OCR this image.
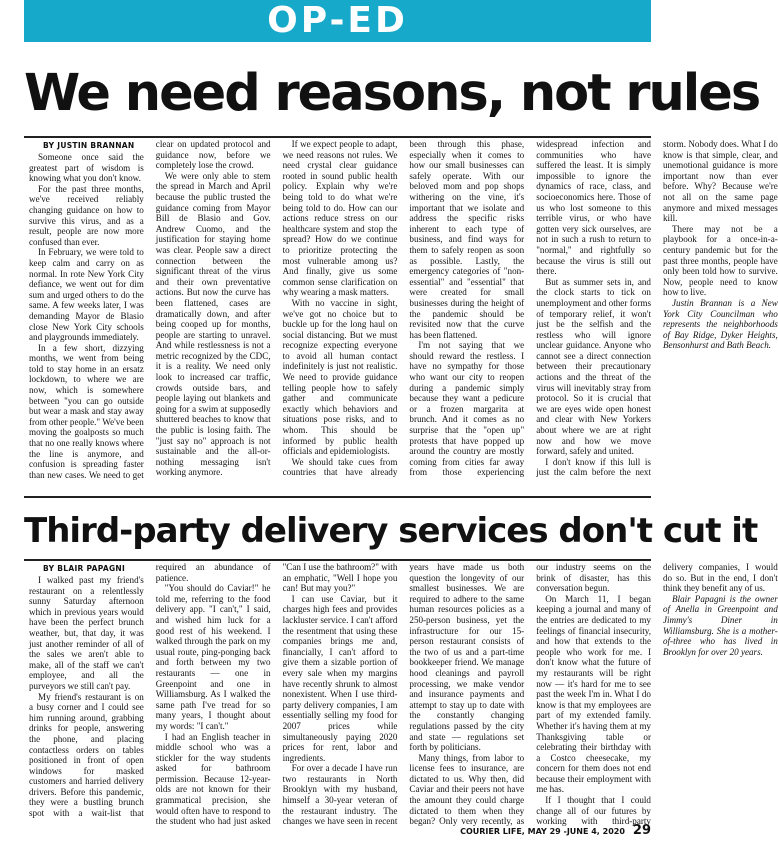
OP-ED
We need reasons, not rules

BY JUSTIN BRANNAN

Someone once said the greatest part of wisdom is knowing what you don't know.

For the past three months, we've received reliably changing guidance on how to survive this virus, and as a result, people are now more confused than ever.

In February, we were told to keep calm and carry on as normal. In rote New York City defiance, we went out for dim sum and urged others to do the same. A few weeks later, I was demanding Mayor de Blasio close New York City schools and playgrounds immediately.

In a few short, dizzying months, we went from being told to stay home in an ersatz lockdown, to where we are now, which is somewhere between "you can go outside but wear a mask and stay away from other people." We've been moving the goalposts so much that no one really knows where the line is anymore, and confusion is spreading faster than new cases. We need to get clear on updated protocol and guidance now, before we completely lose the crowd.

We were only able to stem the spread in March and April because the public trusted the guidance coming from Mayor Bill de Blasio and Gov. Andrew Cuomo, and the justification for staying home was clear. People saw a direct connection between the significant threat of the virus and their own preventative actions. But now the curve has been flattened, cases are dramatically down, and after being cooped up for months, people are starting to unravel. And while restlessness is not a metric recognized by the CDC, it is a reality. We need only look to increased car traffic, crowds outside bars, and people laying out blankets and going for a swim at supposedly shuttered beaches to know that the public is losing faith. The "just say no" approach is not sustainable and the all-or-nothing messaging isn't working anymore.

If we expect people to adapt, we need reasons not rules. We need crystal clear guidance rooted in sound public health policy. Explain why we're being told to do what we're being told to do. How can our actions reduce stress on our healthcare system and stop the spread? How do we continue to prioritize protecting the most vulnerable among us? And finally, give us some common sense clarification on why wearing a mask matters.

With no vaccine in sight, we've got no choice but to buckle up for the long haul on social distancing. But we must recognize expecting everyone to avoid all human contact indefinitely is just not realistic. We need to provide guidance telling people how to safely gather and communicate exactly which behaviors and situations pose risks, and to whom. This should be informed by public health officials and epidemiologists.

We should take cues from countries that have already been through this phase, especially when it comes to how our small businesses can safely operate. With our beloved mom and pop shops withering on the vine, it's important that we isolate and address the specific risks inherent to each type of business, and find ways for them to safely reopen as soon as possible. Lastly, the emergency categories of "non-essential" and "essential" that were created for small businesses during the height of the pandemic should be revisited now that the curve has been flattened.

I'm not saying that we should reward the restless. I have no sympathy for those who want our city to reopen during a pandemic simply because they want a pedicure or a frozen margarita at brunch. And it comes as no surprise that the "open up" protests that have popped up around the country are mostly coming from cities far away from those experiencing widespread infection and communities who have suffered the least. It is simply impossible to ignore the dynamics of race, class, and socioeconomics here. Those of us who lost someone to this terrible virus, or who have gotten very sick ourselves, are not in such a rush to return to "normal," and rightfully so because the virus is still out there.

But as summer sets in, and the clock starts to tick on unemployment and other forms of temporary relief, it won't just be the selfish and the restless who will ignore unclear guidance. Anyone who cannot see a direct connection between their precautionary actions and the threat of the virus will inevitably stray from protocol. So it is crucial that we are eyes wide open honest and clear with New Yorkers about where we are at right now and how we move forward, safely and united.

I don't know if this lull is just the calm before the next storm. Nobody does. What I do know is that simple, clear, and unemotional guidance is more important now than ever before. Why? Because we're not all on the same page anymore and mixed messages kill.

There may not be a playbook for a once-in-a-century pandemic but for the past three months, people have only been told how to survive. Now, people need to know how to live.

Justin Brannan is a New York City Councilman who represents the neighborhoods of Bay Ridge, Dyker Heights, Bensonhurst and Bath Beach.

Third-party delivery services don't cut it

BY BLAIR PAPAGNI

I walked past my friend's restaurant on a relentlessly sunny Saturday afternoon which in previous years would have been the perfect brunch weather, but, that day, it was just another reminder of all of the sales we aren't able to make, all of the staff we can't employee, and all the purveyors we still can't pay.

My friend's restaurant is on a busy corner and I could see him running around, grabbing drinks for people, answering the phone, and placing contactless orders on tables positioned in front of open windows for masked customers and harried delivery drivers. Before this pandemic, they were a bustling brunch spot with a wait-list that required an abundance of patience.

"You should do Caviar!" he told me, referring to the food delivery app. "I can't," I said, and wished him luck for a good rest of his weekend. I walked through the park on my usual route, ping-ponging back and forth between my two restaurants — one in Greenpoint and one in Williamsburg. As I walked the same path I've tread for so many years, I thought about my words: "I can't."

I had an English teacher in middle school who was a stickler for the way students asked for bathroom permission. Because 12-year-olds are not known for their grammatical precision, she would often have to respond to the student who had just asked "Can I use the bathroom?" with an emphatic, "Well I hope you can! But may you?"

I can use Caviar, but it charges high fees and provides lackluster service. I can't afford the resentment that using these companies brings me and, financially, I can't afford to give them a sizable portion of every sale when my margins have recently shrunk to almost nonexistent. When I use third-party delivery companies, I am essentially selling my food for 2007 prices while simultaneously paying 2020 prices for rent, labor and ingredients.

For over a decade I have run two restaurants in North Brooklyn with my husband, himself a 30-year veteran of the restaurant industry. The changes we have seen in recent years have made us both question the longevity of our smallest businesses. We are required to adhere to the same human resources policies as a 250-person business, yet the infrastructure for our 15-person restaurant consists of the two of us and a part-time bookkeeper friend. We manage hood cleanings and payroll processing, we make vendor and insurance payments and attempt to stay up to date with the constantly changing regulations passed by the city and state — regulations set forth by politicians.

Many things, from labor to license fees to insurance, are dictated to us. Why then, did Caviar and their peers not have the amount they could charge dictated to them when they began? Only very recently, as our industry seems on the brink of disaster, has this conversation begun.

On March 11, I began keeping a journal and many of the entries are dedicated to my feelings of financial insecurity, and how that extends to the people who work for me. I don't know what the future of my restaurants will be right now — it's hard for me to see past the week I'm in. What I do know is that my employees are part of my extended family. Whether it's having them at my Thanksgiving table or celebrating their birthday with a Costco cheesecake, my concern for them does not end because their employment with me has.

If I thought that I could change all of our futures by working with third-party delivery companies, I would do so. But in the end, I don't think they benefit any of us.

Blair Papagni is the owner of Anella in Greenpoint and Jimmy's Diner in Williamsburg. She is a mother-of-three who has lived in Brooklyn for over 20 years.

COURIER LIFE, MAY 29 -JUNE 4, 2020 29
